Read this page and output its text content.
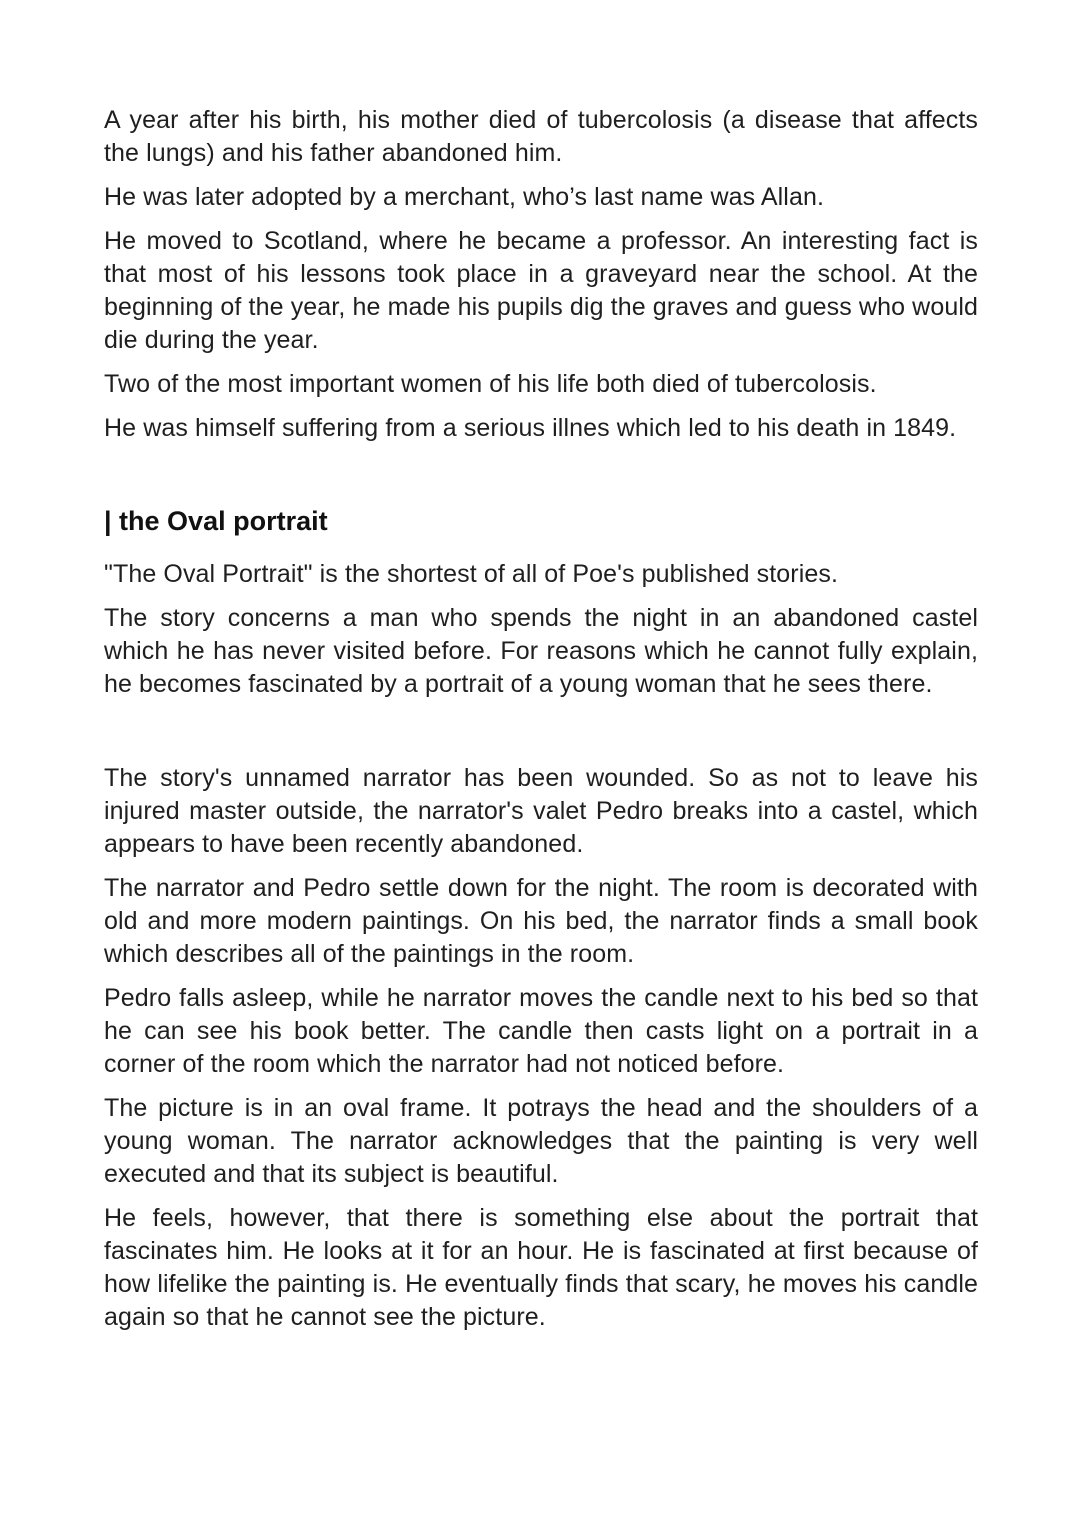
A year after his birth, his mother died of tubercolosis (a disease that affects the lungs) and his father abandoned him.

He was later adopted by a merchant, who’s last name was Allan.

He moved to Scotland, where he became a professor. An interesting fact is that most of his lessons took place in a graveyard near the school. At the beginning of the year, he made his pupils dig the graves and guess who would die during the year.

Two of the most important women of his life both died of tubercolosis.

He was himself suffering from a serious illnes which led to his death in 1849.

| the Oval portrait

"The Oval Portrait" is the shortest of all of Poe's published stories.

The story concerns a man who spends the night in an abandoned castel which he has never visited before. For reasons which he cannot fully explain, he becomes fascinated by a portrait of a young woman that he sees there.

The story's unnamed narrator has been wounded. So as not to leave his injured master outside, the narrator's valet Pedro breaks into a castel, which appears to have been recently abandoned.

The narrator and Pedro settle down for the night. The room is decorated with old and more modern paintings. On his bed, the narrator finds a small book which describes all of the paintings in the room.

Pedro falls asleep, while he narrator moves the candle next to his bed so that he can see his book better. The candle then casts light on a portrait in a corner of the room which the narrator had not noticed before.

The picture is in an oval frame. It potrays the head and the shoulders of a young woman. The narrator acknowledges that the painting is very well executed and that its subject is beautiful.

He feels, however, that there is something else about the portrait that fascinates him. He looks at it for an hour. He is fascinated at first because of how lifelike the painting is. He eventually finds that scary, he moves his candle again so that he cannot see the picture.
